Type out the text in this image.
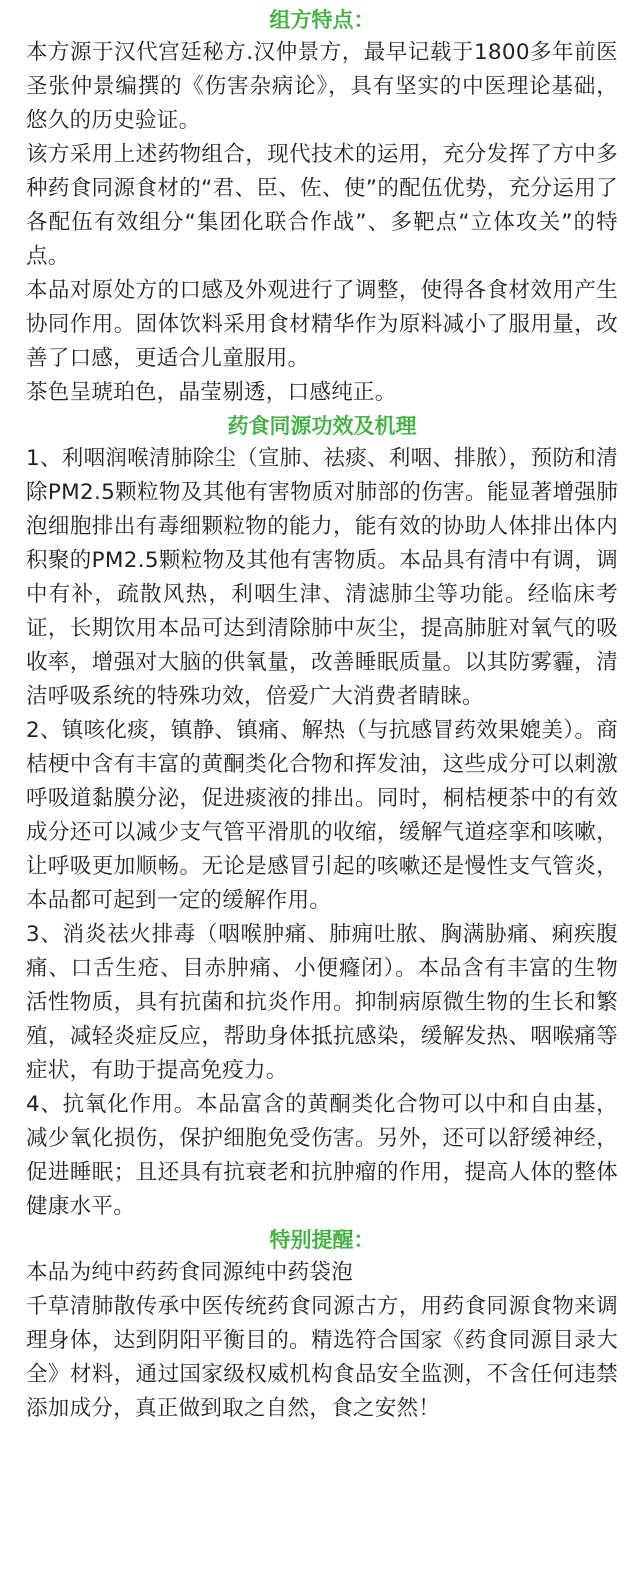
组方特点：

本方源于汉代宫廷秘方.汉仲景方，最早记载于1800多年前医圣张仲景编撰的《伤害杂病论》，具有坚实的中医理论基础，悠久的历史验证。

该方采用上述药物组合，现代技术的运用，充分发挥了方中多种药食同源食材的“君、臣、佐、使”的配伍优势，充分运用了各配伍有效组分“集团化联合作战”、多靶点“立体攻关”的特点。

本品对原处方的口感及外观进行了调整，使得各食材效用产生协同作用。固体饮料采用食材精华作为原料减小了服用量，改善了口感，更适合儿童服用。

茶色呈琥珀色，晶莹剔透，口感纯正。

药食同源功效及机理

1、利咽润喉清肺除尘（宣肺、祛痰、利咽、排脓），预防和清除PM2.5颗粒物及其他有害物质对肺部的伤害。能显著增强肺泡细胞排出有毒细颗粒物的能力，能有效的协助人体排出体内积聚的PM2.5颗粒物及其他有害物质。本品具有清中有调，调中有补，疏散风热，利咽生津、清滤肺尘等功能。经临床考证，长期饮用本品可达到清除肺中灰尘，提高肺脏对氧气的吸收率，增强对大脑的供氧量，改善睡眠质量。以其防雾霾，清洁呼吸系统的特殊功效，倍爱广大消费者睛睐。

2、镇咳化痰，镇静、镇痛、解热（与抗感冒药效果媲美）。商桔梗中含有丰富的黄酮类化合物和挥发油，这些成分可以刺激呼吸道黏膜分泌，促进痰液的排出。同时，桐桔梗茶中的有效成分还可以减少支气管平滑肌的收缩，缓解气道痉挛和咳嗽，让呼吸更加顺畅。无论是感冒引起的咳嗽还是慢性支气管炎，本品都可起到一定的缓解作用。

3、消炎祛火排毒（咽喉肿痛、肺痈吐脓、胸满胁痛、痢疾腹痛、口舌生疮、目赤肿痛、小便癃闭）。本品含有丰富的生物活性物质，具有抗菌和抗炎作用。抑制病原微生物的生长和繁殖，减轻炎症反应，帮助身体抵抗感染，缓解发热、咽喉痛等症状，有助于提高免疫力。

4、抗氧化作用。本品富含的黄酮类化合物可以中和自由基，减少氧化损伤，保护细胞免受伤害。另外，还可以舒缓神经，促进睡眠；且还具有抗衰老和抗肿瘤的作用，提高人体的整体健康水平。

特别提醒：

本品为纯中药药食同源纯中药袋泡

千草清肺散传承中医传统药食同源古方，用药食同源食物来调理身体，达到阴阳平衡目的。精选符合国家《药食同源目录大全》材料，通过国家级权威机构食品安全监测，不含任何违禁添加成分，真正做到取之自然，食之安然！
